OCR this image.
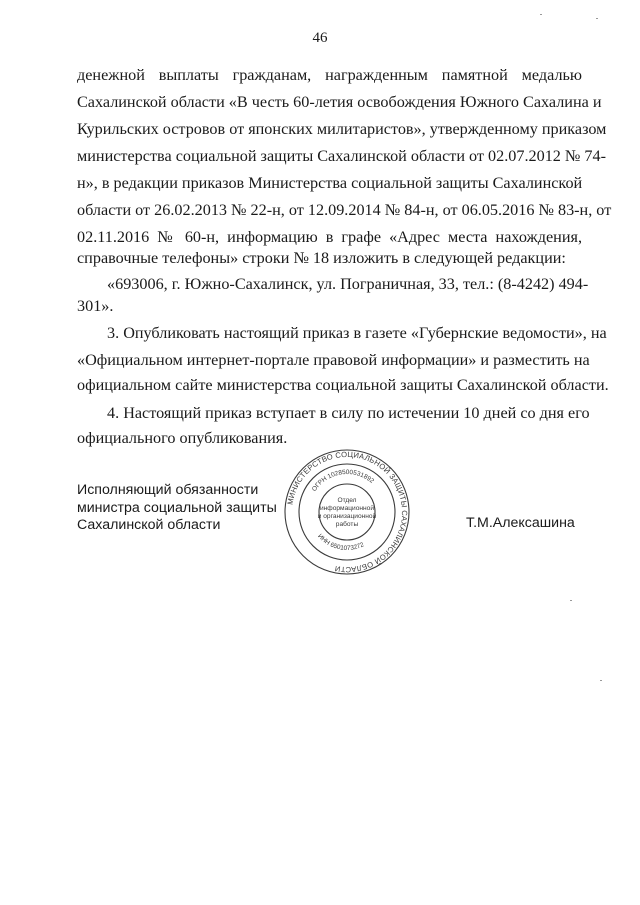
46
денежной выплаты гражданам, награжденным памятной медалью
Сахалинской области «В честь 60-летия освобождения Южного Сахалина и
Курильских островов от японских милитаристов», утвержденному приказом
министерства социальной защиты Сахалинской области от 02.07.2012 № 74-
н», в редакции приказов Министерства социальной защиты Сахалинской
области от 26.02.2013 № 22-н, от 12.09.2014 № 84-н, от 06.05.2016 № 83-н, от
02.11.2016 № 60-н, информацию в графе «Адрес места нахождения,
справочные телефоны» строки № 18 изложить в следующей редакции:
«693006, г. Южно-Сахалинск, ул. Пограничная, 33, тел.: (8-4242) 494-
301».
3. Опубликовать настоящий приказ в газете «Губернские ведомости», на
«Официальном интернет-портале правовой информации» и разместить на
официальном сайте министерства социальной защиты Сахалинской области.
4. Настоящий приказ вступает в силу по истечении 10 дней со дня его
официального опубликования.
Исполняющий обязанности
министра социальной защиты
Сахалинской области	Т.М.Алексашина
МИНИСТЕРСТВО СОЦИАЛЬНОЙ ЗАЩИТЫ САХАЛИНСКОЙ ОБЛАСТИ
ОГРН 1028500531892
ИНН 6501073272
Отдел
информационной
и организационной
работы
